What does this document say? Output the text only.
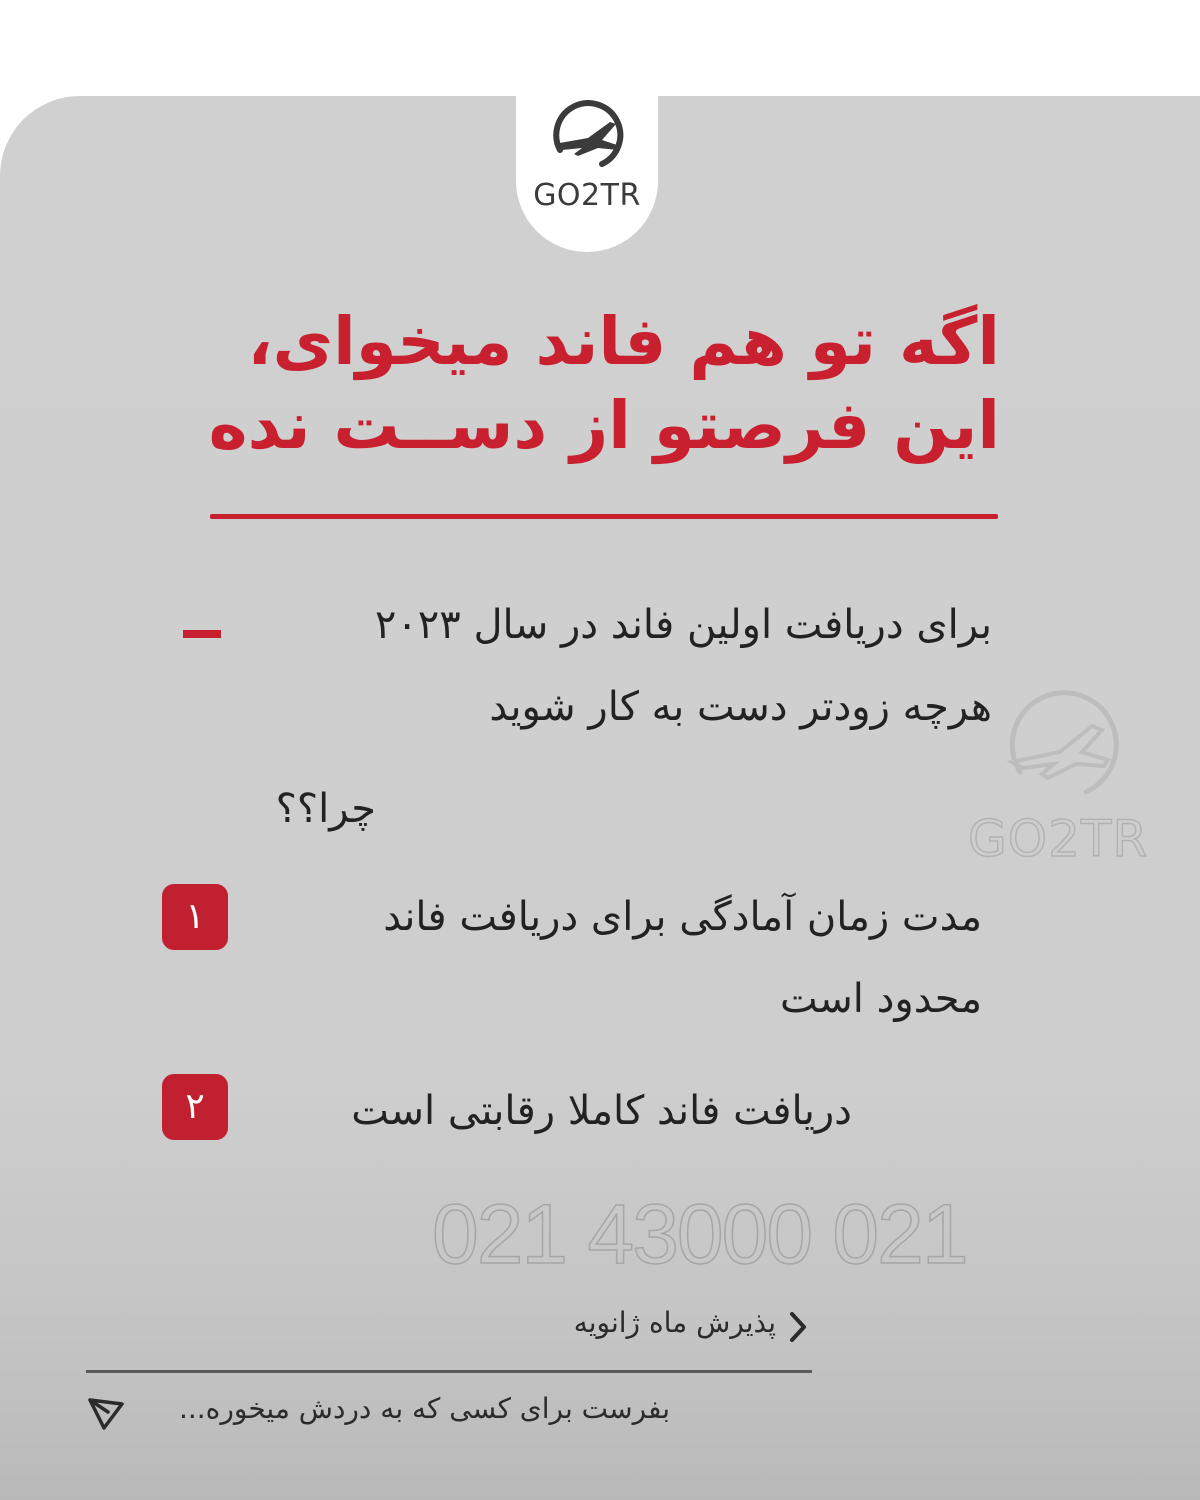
GO2TR
اگه تو هم فاند میخوای،
این فرصتو از دســت نده
برای دریافت اولین فاند در سال ۲۰۲۳
هرچه زودتر دست به کار شوید
چرا؟؟
۱	مدت زمان آمادگی برای دریافت فاند
محدود است
۲	دریافت فاند کاملا رقابتی است
GO2TR
021 43000 021
پذیرش ماه ژانویه
بفرست برای کسی که به دردش میخوره...
